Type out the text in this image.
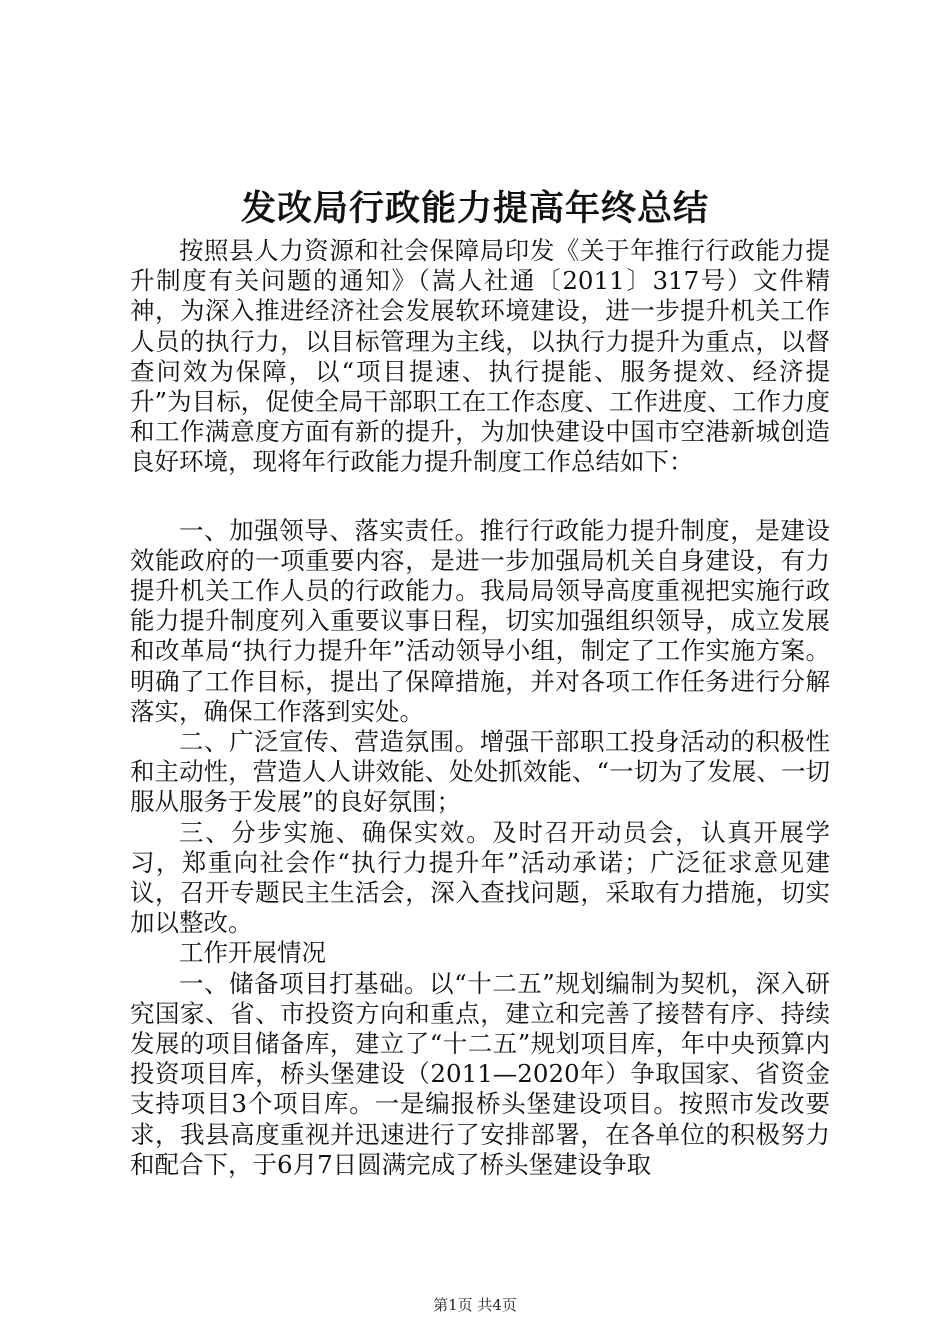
发改局行政能力提高年终总结

按照县人力资源和社会保障局印发《关于年推行行政能力提升制度有关问题的通知》（嵩人社通〔2011〕317号）文件精神，为深入推进经济社会发展软环境建设，进一步提升机关工作人员的执行力，以目标管理为主线，以执行力提升为重点，以督查问效为保障，以“项目提速、执行提能、服务提效、经济提升”为目标，促使全局干部职工在工作态度、工作进度、工作力度和工作满意度方面有新的提升，为加快建设中国市空港新城创造良好环境，现将年行政能力提升制度工作总结如下：

一、加强领导、落实责任。推行行政能力提升制度，是建设效能政府的一项重要内容，是进一步加强局机关自身建设，有力提升机关工作人员的行政能力。我局局领导高度重视把实施行政能力提升制度列入重要议事日程，切实加强组织领导，成立发展和改革局“执行力提升年”活动领导小组，制定了工作实施方案。明确了工作目标，提出了保障措施，并对各项工作任务进行分解落实，确保工作落到实处。

二、广泛宣传、营造氛围。增强干部职工投身活动的积极性和主动性，营造人人讲效能、处处抓效能、“一切为了发展、一切服从服务于发展”的良好氛围；

三、分步实施、确保实效。及时召开动员会，认真开展学习，郑重向社会作“执行力提升年”活动承诺；广泛征求意见建议，召开专题民主生活会，深入查找问题，采取有力措施，切实加以整改。

工作开展情况

一、储备项目打基础。以“十二五”规划编制为契机，深入研究国家、省、市投资方向和重点，建立和完善了接替有序、持续发展的项目储备库，建立了“十二五”规划项目库，年中央预算内投资项目库，桥头堡建设（2011—2020年）争取国家、省资金支持项目3个项目库。一是编报桥头堡建设项目。按照市发改要求，我县高度重视并迅速进行了安排部署，在各单位的积极努力和配合下，于6月7日圆满完成了桥头堡建设争取

第1页 共4页
